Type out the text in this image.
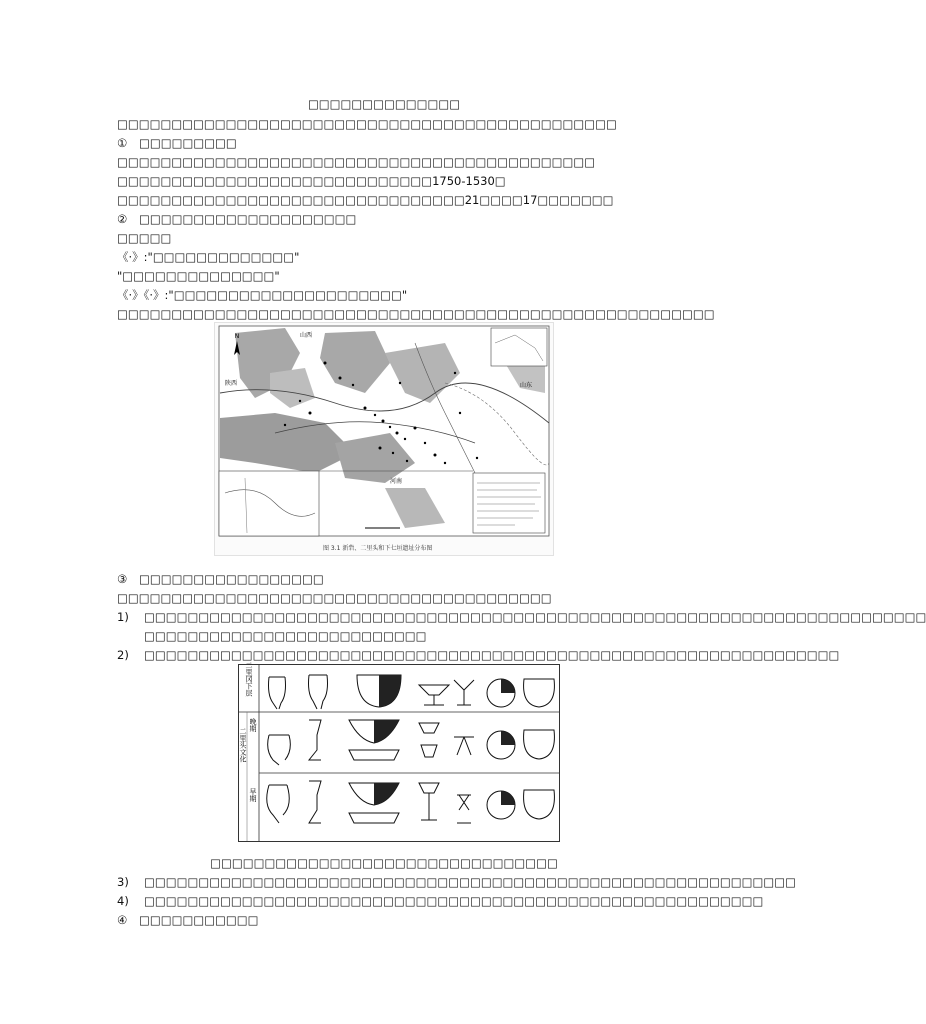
□□□□□□□□□□□□□□
□□□□□□□□□□□□□□□□□□□□□□□□□□□□□□□□□□□□□□□□□□□□□□
① □□□□□□□□□
□□□□□□□□□□□□□□□□□□□□□□□□□□□□□□□□□□□□□□□□□□□□
□□□□□□□□□□□□□□□□□□□□□□□□□□□□□1750-1530□
□□□□□□□□□□□□□□□□□□□□□□□□□□□□□□□□21□□□□17□□□□□□□
② □□□□□□□□□□□□□□□□□□□□
□□□□□
《·》:"□□□□□□□□□□□□□"
"□□□□□□□□□□□□□□"
《·》《·》:"□□□□□□□□□□□□□□□□□□□□□"
□□□□□□□□□□□□□□□□□□□□□□□□□□□□□□□□□□□□□□□□□□□□□□□□□□□□□□□
N	山西
陕西
河南
山东
图 3.1 新砦、二里头和下七垣遗址分布图
③ □□□□□□□□□□□□□□□□□
□□□□□□□□□□□□□□□□□□□□□□□□□□□□□□□□□□□□□□□□
1) □□□□□□□□□□□□□□□□□□□□□□□□□□□□□□□□□□□□□□□□□□□□□□□□□□□□□□□□□□□□□□□□□□□□□□□□
□□□□□□□□□□□□□□□□□□□□□□□□□□
2) □□□□□□□□□□□□□□□□□□□□□□□□□□□□□□□□□□□□□□□□□□□□□□□□□□□□□□□□□□□□□□□□
二里冈下层
晚期
二里头文化
早期
□□□□□□□□□□□□□□□□□□□□□□□□□□□□□□□□
3) □□□□□□□□□□□□□□□□□□□□□□□□□□□□□□□□□□□□□□□□□□□□□□□□□□□□□□□□□□□□
4) □□□□□□□□□□□□□□□□□□□□□□□□□□□□□□□□□□□□□□□□□□□□□□□□□□□□□□□□□
④ □□□□□□□□□□□
